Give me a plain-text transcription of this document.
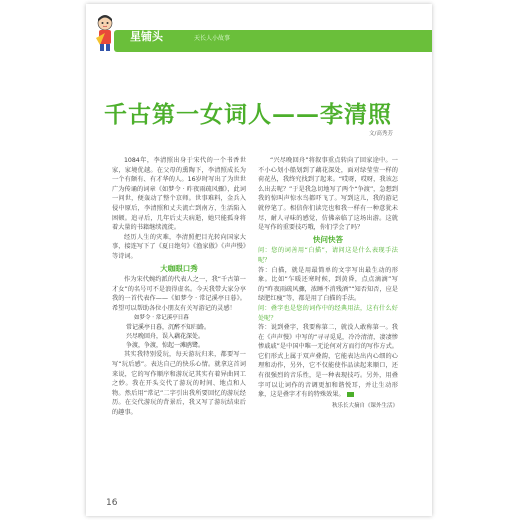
星铺头	天长人小故事
千古第一女词人——李清照
文/高秀芳

1084年，李清照出身于宋代的一个书香世家，家境优越。在父母的熏陶下，李清照成长为一个有颇有、有才华的人。16岁时写出了为世世广为传诵的词章《如梦令 · 昨夜雨疏风骤》，此词一问世，便轰动了整个京师。世事难料，金兵入侵中原后，李清照和丈夫流亡到南方，生活陷入困顿。追寻后，几年后丈夫病逝，她只能孤身将着大量的书籍继续流徙。

经历人生的灾难，李清照把目光转向国家大事，接连写下了《夏日绝句》《渔家傲》《声声慢》等诗词。

大咖眼口秀

作为宋代婉约派的代表人之一，我“千古第一才女”的名号可不是浪得虚名。今天我带大家分享我的一首代表作——《如梦令 · 常记溪亭日暮》。希望可以帮助各位小朋友有关写游记的灵感！

如梦令 · 常记溪亭日暮
常记溪亭日暮，沉醉不知归路。
兴尽晚回舟，误入藕花深处。
争渡，争渡，惊起一滩鸥鹭。

其实我特别爱玩，每天游玩归来，都要写一写“玩后感”。表达自己的快乐心情。就拿这首词来说，它的写作顺序和游玩记其实有着异曲同工之妙。我在开头交代了游玩的时间、地点和人物。然后用“常记”二字引出我所要回忆的游玩经历。在交代游玩的背景后，我又写了游玩结束后的趣事。

“兴尽晚回舟”将叙事重点转向了回家途中。一不小心划小船划到了藕花深处，面对绿莹莹一样的荷花丛，我终究找到了起来。“哎呀，哎呀，我该怎么出去呢？”于是我急切地写了两个“争渡”，急想到我的惊叫声惊水鸟都吓飞了。写到这儿，我的游记就停笔了。相信你们读完也和我一样有一种意犹未尽，耐人寻味的感觉，仿佛亲临了这场出游。这就是写作的重要技巧哦，你们学会了吗？

快问快答
问：您的词善用“白描”，请问这是什么表现手法呢？
答：白描，就是用最简单的文字写出最生动的形象。比如“乍暖还寒时候，到黄昏，点点滴滴”写的“昨夜雨疏风骤，浓睡不消残酒”“知否知否，应是绿肥红瘦”等，都是用了白描的手法。
问：叠字也是您的词作中的经典用法，这有什么好处呢？
答：说到叠字，我要称第二，就没人敢称第一。我在《声声慢》中写的“寻寻觅觅，冷冷清清，凄凄惨惨戚戚”是中国中唯一无论何对方而行的写作方式。它们形式上属于双声叠韵，它能表达出内心细的心理和动作，另外，它不仅能使作品读起来顺口，还有很强烈的音乐性，是一种表现技巧。另外，用叠字可以让词作的音调更加和谐悦耳，并让生动形象，这是叠字才有的特殊效果。
秋乐长大摘自《课外生活》
16
